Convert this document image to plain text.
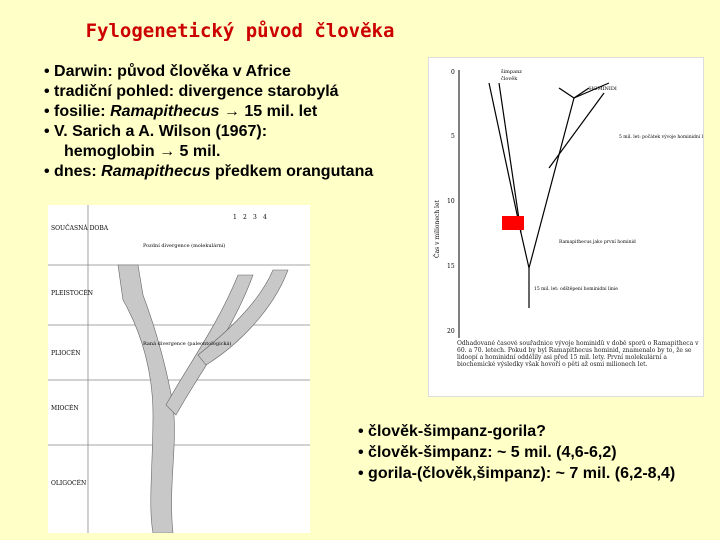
Fylogenetický původ člověka
• Darwin: původ člověka v Africe
• tradiční pohled: divergence starobylá
• fosilie: Ramapithecus → 15 mil. let
• V. Sarich a A. Wilson (1967):
hemoglobin → 5 mil.
• dnes: Ramapithecus předkem orangutana
0
5
10
15
20
Čas v milionech let
šimpanz
člověk
HOMINIDI
5 mil. let: počátek vývoje hominidní linie
Ramapithecus jako první hominid
15 mil. let: odštěpení hominidní linie
Odhadované časové souřadnice vývoje hominidů v době sporů o Ramapitheca v 60. a 70. letech. Pokud by byl Ramapithecus hominid, znamenalo by to, že se lidoopí a hominidní oddělily asi před 15 mil. lety. První molekulární a biochemické výsledky však hovoří o pěti až osmi milionech let.
SOUČASNÁ DOBA
PLEISTOCÉN
PLIOCÉN
MIOCÉN
OLIGOCÉN
1 2 3 4
Pozdní divergence (molekulární)
Raná divergence (paleontologická)
• člověk-šimpanz-gorila?
• člověk-šimpanz: ~ 5 mil. (4,6-6,2)
• gorila-(člověk,šimpanz): ~ 7 mil. (6,2-8,4)
